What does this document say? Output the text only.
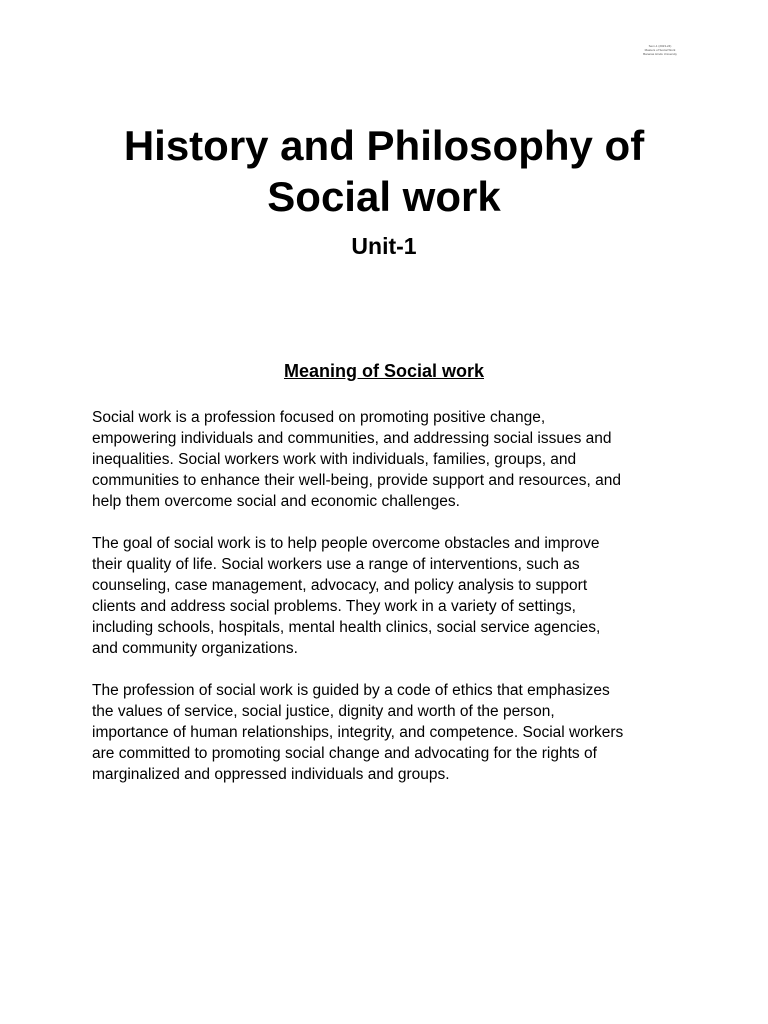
Sem-1 (2023-24)
Masters of Social Work
Banaras Hindu University
History and Philosophy of
Social work
Unit-1
Meaning of Social work

Social work is a profession focused on promoting positive change,
empowering individuals and communities, and addressing social issues and
inequalities. Social workers work with individuals, families, groups, and
communities to enhance their well-being, provide support and resources, and
help them overcome social and economic challenges.

The goal of social work is to help people overcome obstacles and improve
their quality of life. Social workers use a range of interventions, such as
counseling, case management, advocacy, and policy analysis to support
clients and address social problems. They work in a variety of settings,
including schools, hospitals, mental health clinics, social service agencies,
and community organizations.

The profession of social work is guided by a code of ethics that emphasizes
the values of service, social justice, dignity and worth of the person,
importance of human relationships, integrity, and competence. Social workers
are committed to promoting social change and advocating for the rights of
marginalized and oppressed individuals and groups.
